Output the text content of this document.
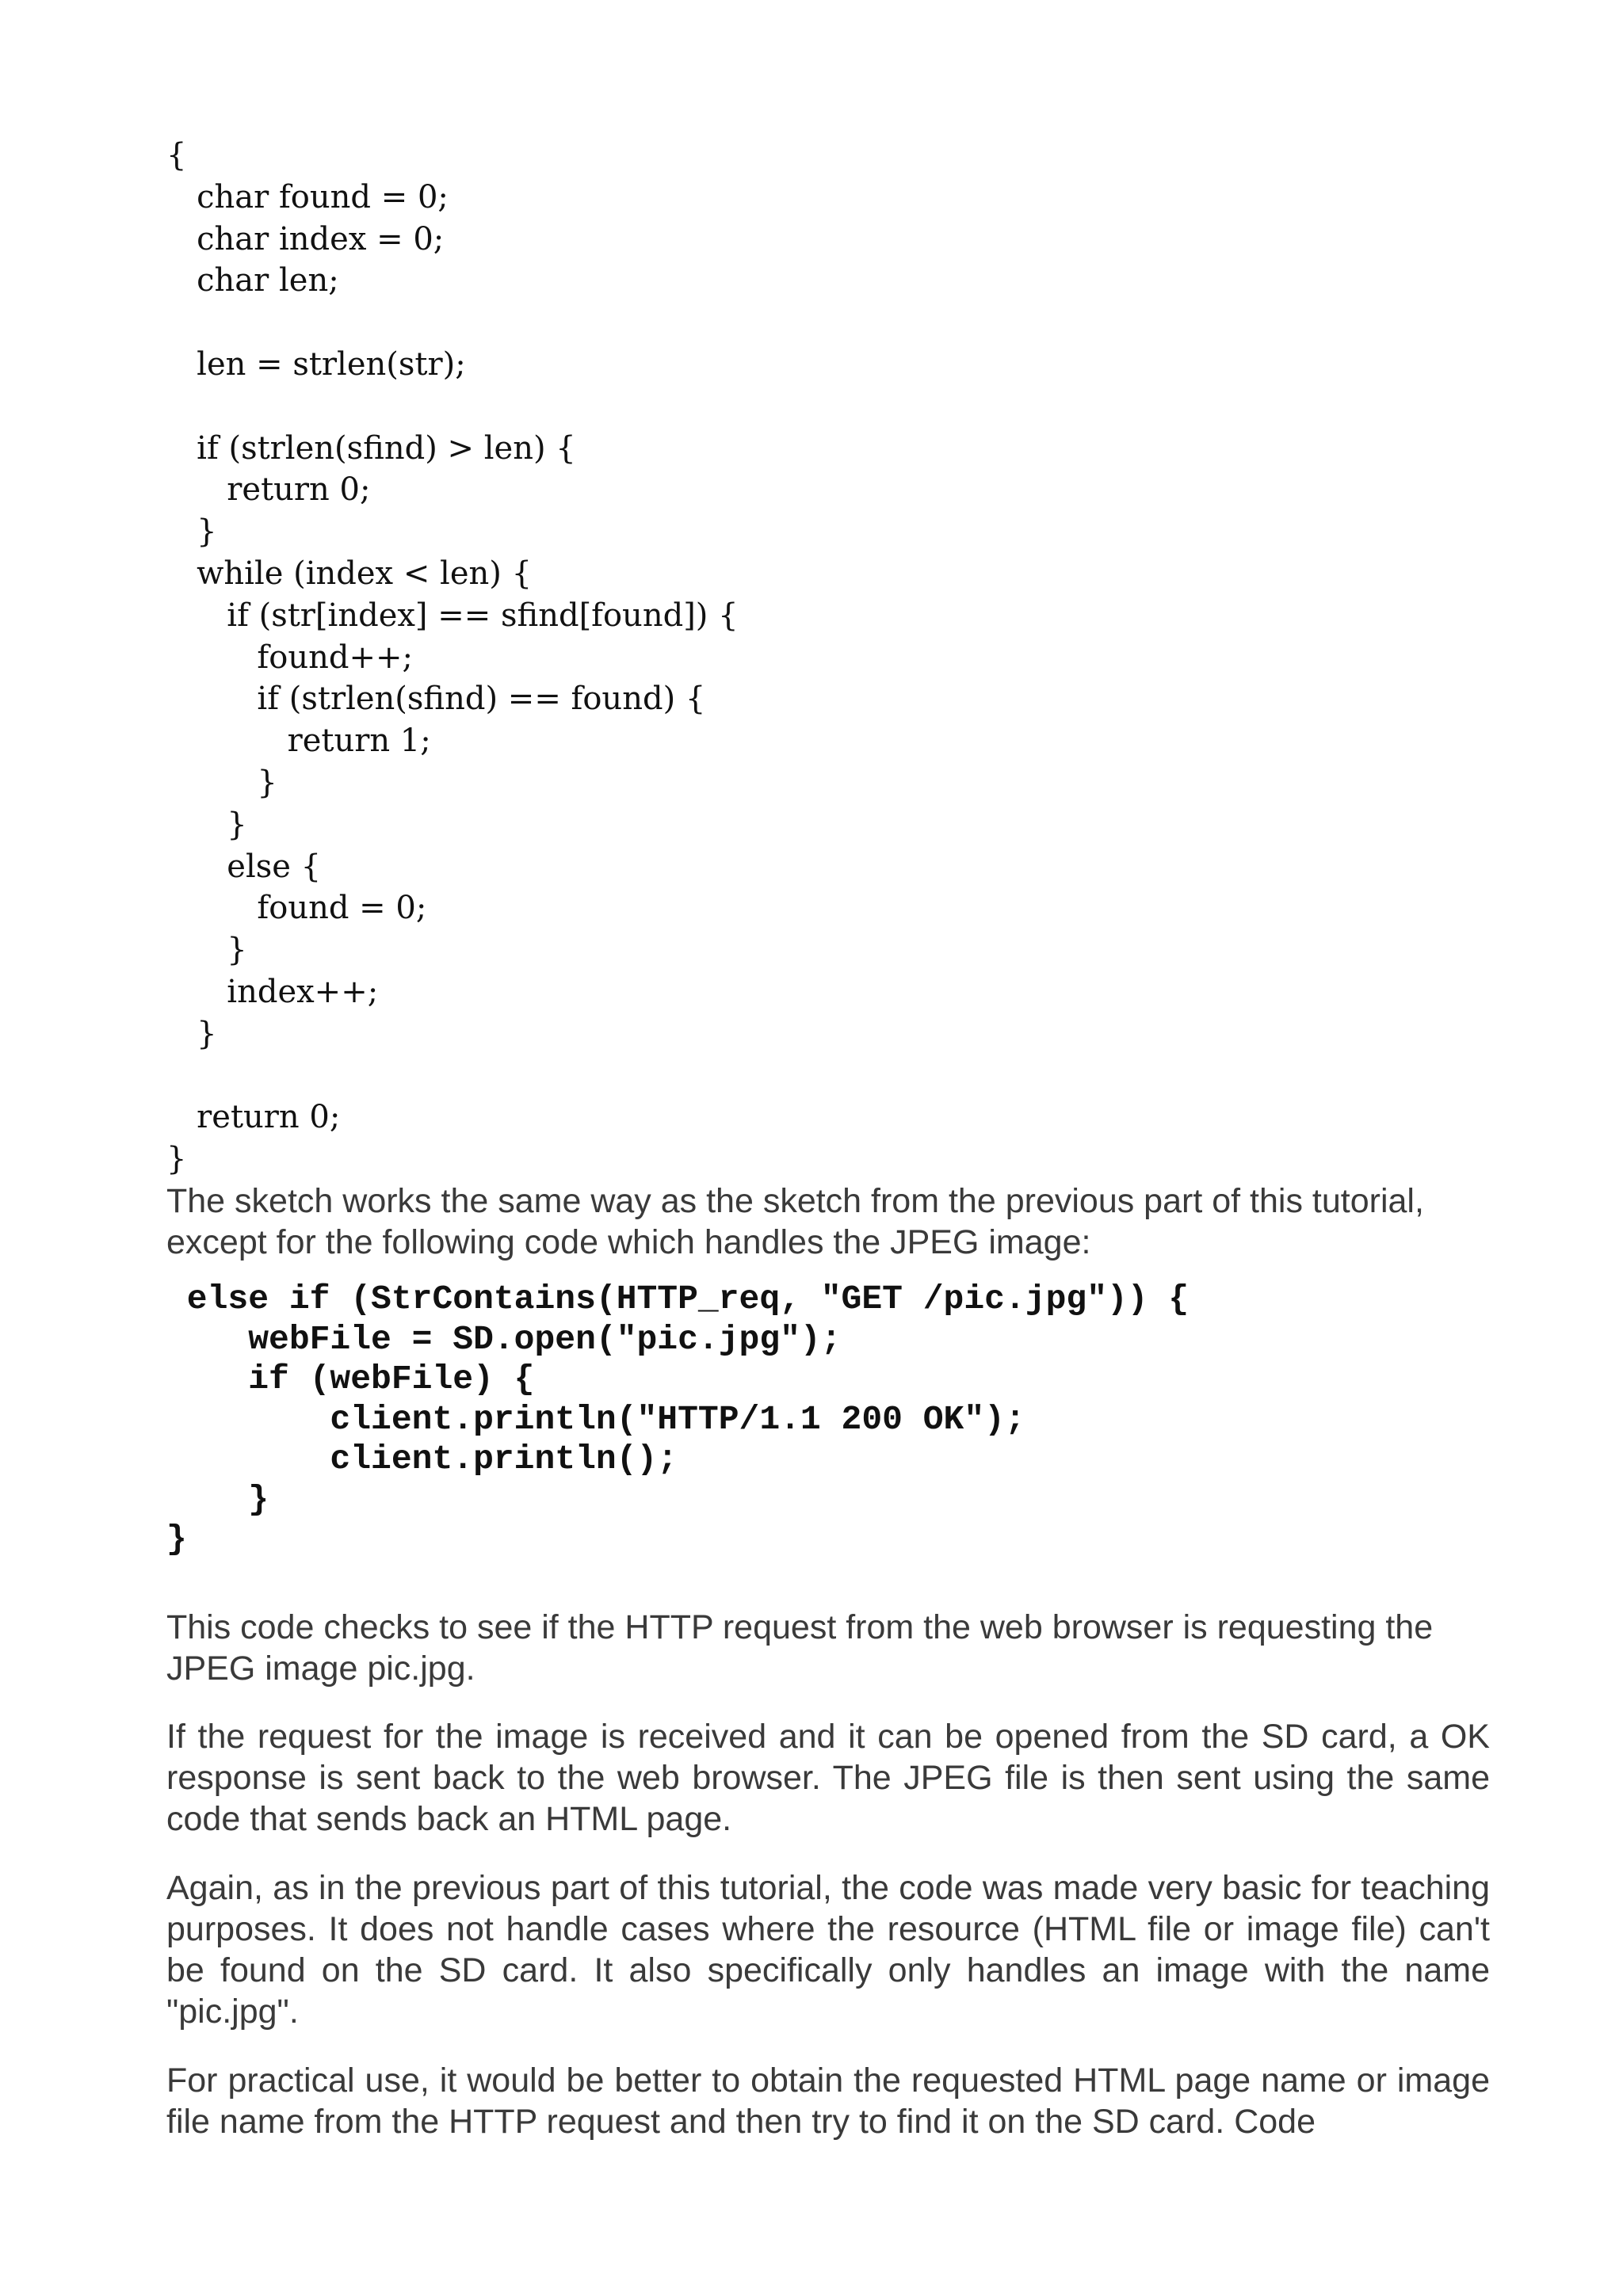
{
char found = 0;
char index = 0;
char len;
len = strlen(str);
if (strlen(sfind) > len) {
return 0;
}
while (index < len) {
if (str[index] == sfind[found]) {
found++;
if (strlen(sfind) == found) {
return 1;
}
}
else {
found = 0;
}
index++;
}
return 0;
}

The sketch works the same way as the sketch from the previous part of this tutorial, except for the following code which handles the JPEG image:

else if (StrContains(HTTP_req, "GET /pic.jpg")) {
webFile = SD.open("pic.jpg");
if (webFile) {
client.println("HTTP/1.1 200 OK");
client.println();
}
}

This code checks to see if the HTTP request from the web browser is requesting the JPEG image pic.jpg.

If the request for the image is received and it can be opened from the SD card, a OK response is sent back to the web browser. The JPEG file is then sent using the same code that sends back an HTML page.

Again, as in the previous part of this tutorial, the code was made very basic for teaching purposes. It does not handle cases where the resource (HTML file or image file) can't be found on the SD card. It also specifically only handles an image with the name "pic.jpg".

For practical use, it would be better to obtain the requested HTML page name or image file name from the HTTP request and then try to find it on the SD card. Code
